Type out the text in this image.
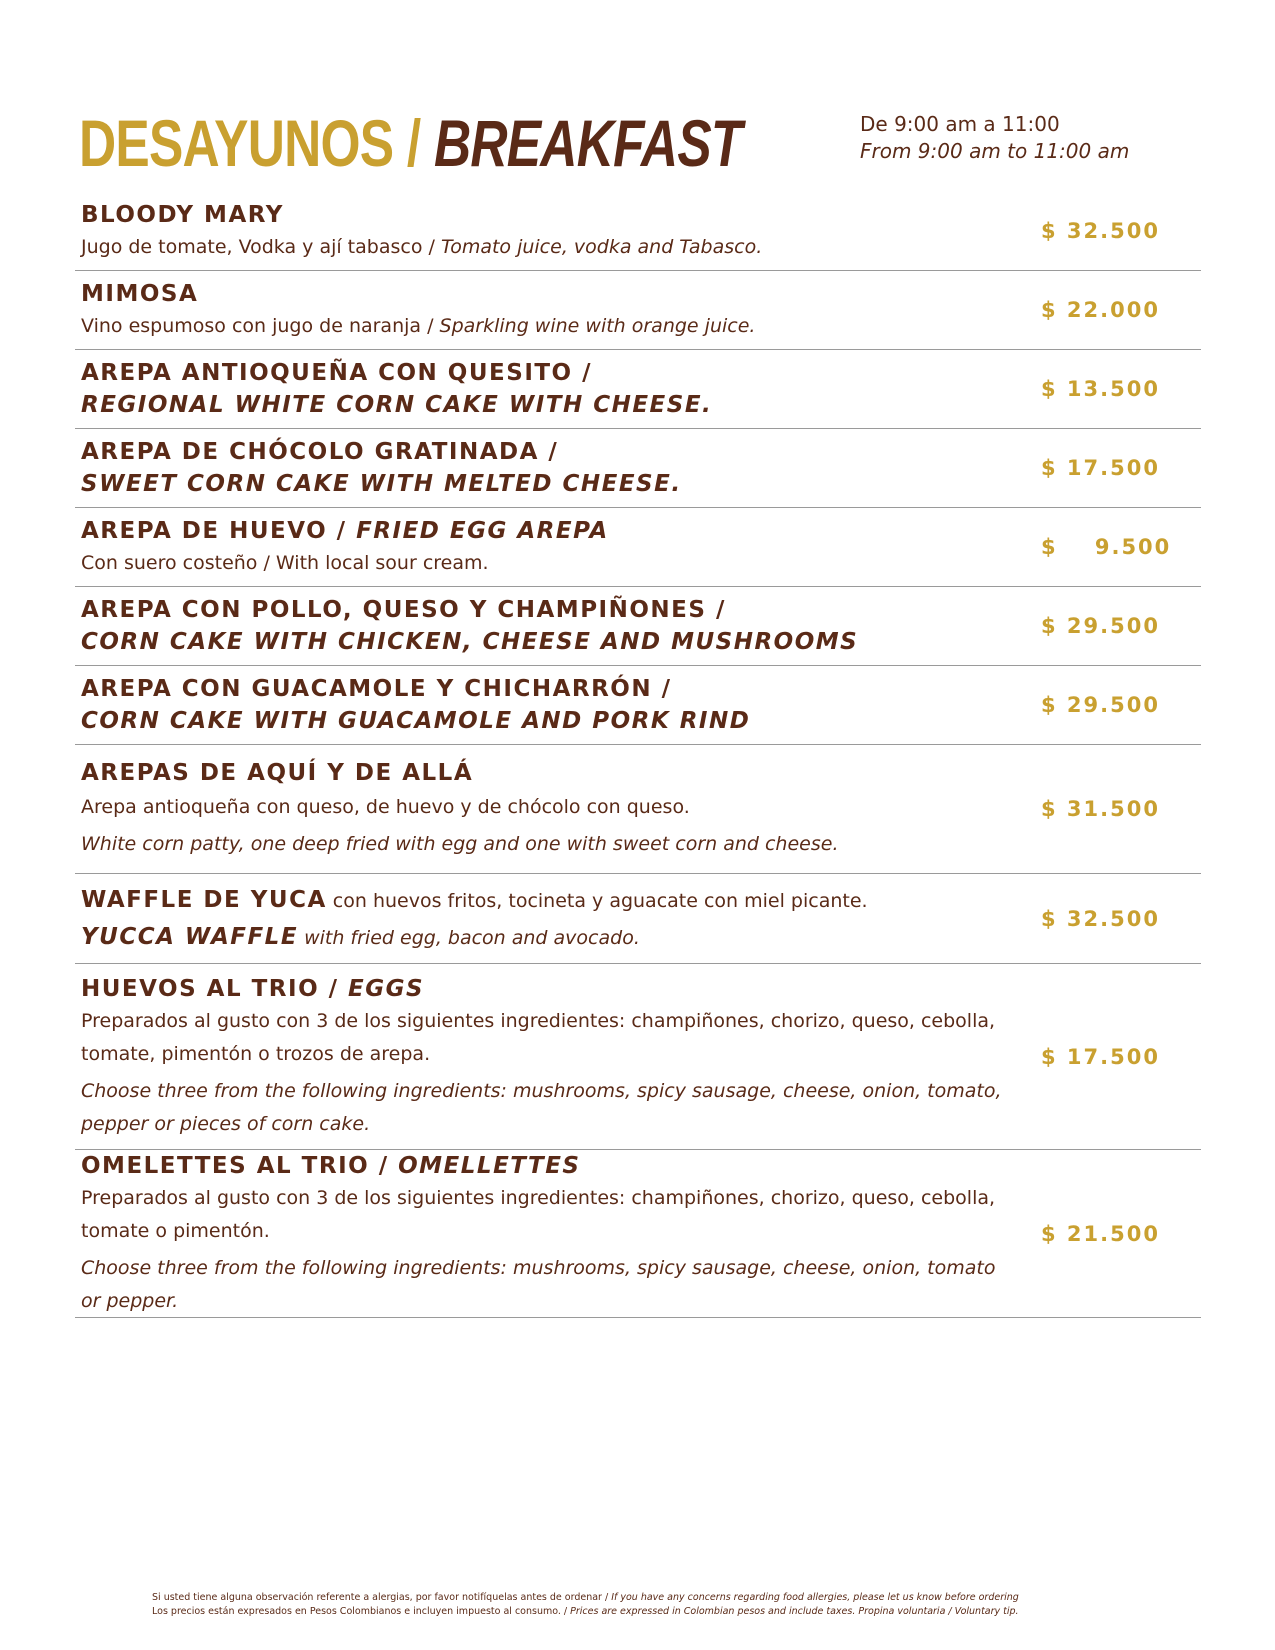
DESAYUNOS / BREAKFAST	De 9:00 am a 11:00
From 9:00 am to 11:00 am
BLOODY MARY
Jugo de tomate, Vodka y ají tabasco / Tomato juice, vodka and Tabasco.
$ 32.500
MIMOSA
Vino espumoso con jugo de naranja / Sparkling wine with orange juice.
$ 22.000
AREPA ANTIOQUEÑA CON QUESITO /
REGIONAL WHITE CORN CAKE WITH CHEESE.
$ 13.500
AREPA DE CHÓCOLO GRATINADA /
SWEET CORN CAKE WITH MELTED CHEESE.
$ 17.500
AREPA DE HUEVO / FRIED EGG AREPA
Con suero costeño / With local sour cream.
$    9.500
AREPA CON POLLO, QUESO Y CHAMPIÑONES /
CORN CAKE WITH CHICKEN, CHEESE AND MUSHROOMS
$ 29.500
AREPA CON GUACAMOLE Y CHICHARRÓN /
CORN CAKE WITH GUACAMOLE AND PORK RIND
$ 29.500
AREPAS DE AQUÍ Y DE ALLÁ
Arepa antioqueña con queso, de huevo y de chócolo con queso.
White corn patty, one deep fried with egg and one with sweet corn and cheese.
$ 31.500
WAFFLE DE YUCA con huevos fritos, tocineta y aguacate con miel picante.
YUCCA WAFFLE with fried egg, bacon and avocado.
$ 32.500
HUEVOS AL TRIO / EGGS
Preparados al gusto con 3 de los siguientes ingredientes: champiñones, chorizo, queso, cebolla, tomate, pimentón o trozos de arepa.
Choose three from the following ingredients: mushrooms, spicy sausage, cheese, onion, tomato, pepper or pieces of corn cake.
$ 17.500
OMELETTES AL TRIO / OMELLETTES
Preparados al gusto con 3 de los siguientes ingredientes: champiñones, chorizo, queso, cebolla, tomate o pimentón.
Choose three from the following ingredients: mushrooms, spicy sausage, cheese, onion, tomato or pepper.
$ 21.500
Si usted tiene alguna observación referente a alergias, por favor notifíquelas antes de ordenar / If you have any concerns regarding food allergies, please let us know before ordering
Los precios están expresados en Pesos Colombianos e incluyen impuesto al consumo. / Prices are expressed in Colombian pesos and include taxes. Propina voluntaria / Voluntary tip.
